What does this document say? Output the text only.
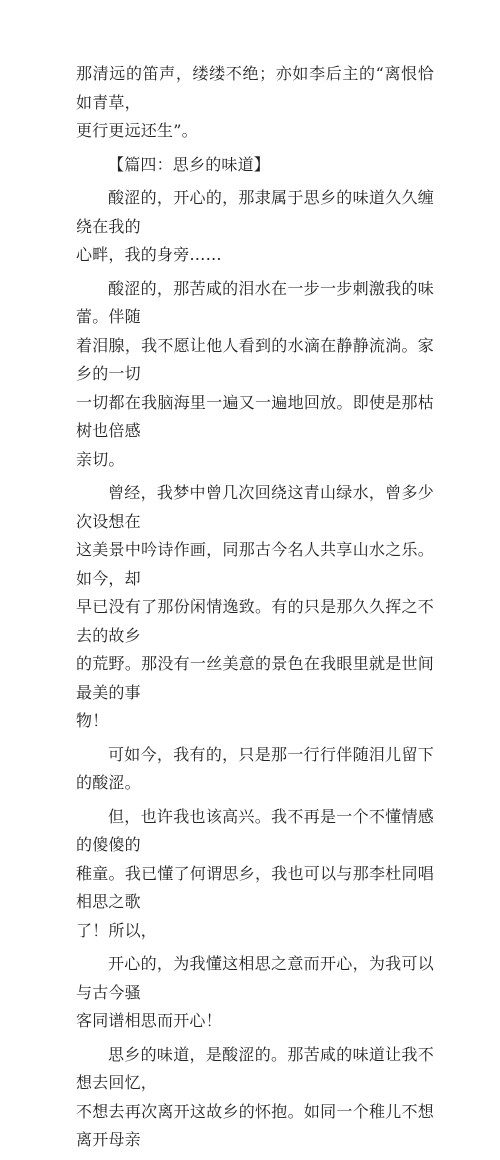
那清远的笛声，缕缕不绝；亦如李后主的“离恨恰如青草，
更行更远还生”。
【篇四：思乡的味道】
酸涩的，开心的，那隶属于思乡的味道久久缠绕在我的
心畔，我的身旁……
酸涩的，那苦咸的泪水在一步一步刺激我的味蕾。伴随
着泪腺，我不愿让他人看到的水滴在静静流淌。家乡的一切
一切都在我脑海里一遍又一遍地回放。即使是那枯树也倍感
亲切。
曾经，我梦中曾几次回绕这青山绿水，曾多少次设想在
这美景中吟诗作画，同那古今名人共享山水之乐。如今，却
早已没有了那份闲情逸致。有的只是那久久挥之不去的故乡
的荒野。那没有一丝美意的景色在我眼里就是世间最美的事
物！
可如今，我有的，只是那一行行伴随泪儿留下的酸涩。
但，也许我也该高兴。我不再是一个不懂情感的傻傻的
稚童。我已懂了何谓思乡，我也可以与那李杜同唱相思之歌
了！所以，
开心的，为我懂这相思之意而开心，为我可以与古今骚
客同谱相思而开心！
思乡的味道，是酸涩的。那苦咸的味道让我不想去回忆，
不想去再次离开这故乡的怀抱。如同一个稚儿不想离开母亲
